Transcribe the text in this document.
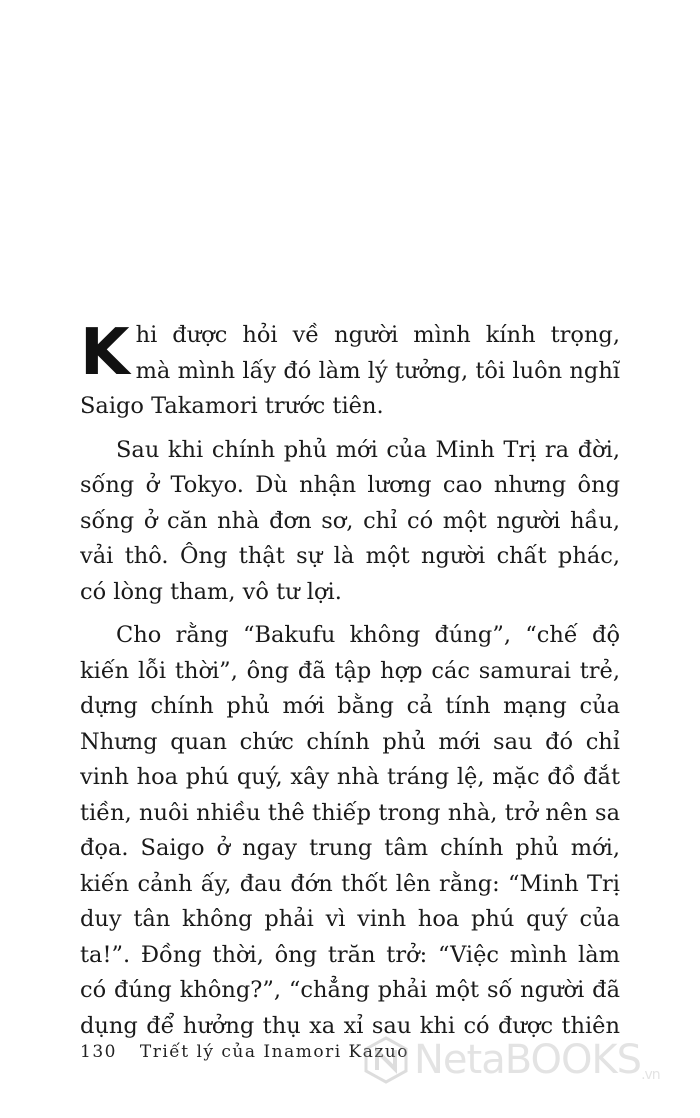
K hi được hỏi về người mình kính trọng,
mà mình lấy đó làm lý tưởng, tôi luôn nghĩ
Saigo Takamori trước tiên.
Sau khi chính phủ mới của Minh Trị ra đời,
sống ở Tokyo. Dù nhận lương cao nhưng ông
sống ở căn nhà đơn sơ, chỉ có một người hầu,
vải thô. Ông thật sự là một người chất phác,
có lòng tham, vô tư lợi.
Cho rằng “Bakufu không đúng”, “chế độ
kiến lỗi thời”, ông đã tập hợp các samurai trẻ,
dựng chính phủ mới bằng cả tính mạng của
Nhưng quan chức chính phủ mới sau đó chỉ
vinh hoa phú quý, xây nhà tráng lệ, mặc đồ đắt
tiền, nuôi nhiều thê thiếp trong nhà, trở nên sa
đọa. Saigo ở ngay trung tâm chính phủ mới,
kiến cảnh ấy, đau đớn thốt lên rằng: “Minh Trị
duy tân không phải vì vinh hoa phú quý của
ta!”. Đồng thời, ông trăn trở: “Việc mình làm
có đúng không?”, “chẳng phải một số người đã
dụng để hưởng thụ xa xỉ sau khi có được thiên
130 Triết lý của Inamori Kazuo NetaBOOKS.vn
